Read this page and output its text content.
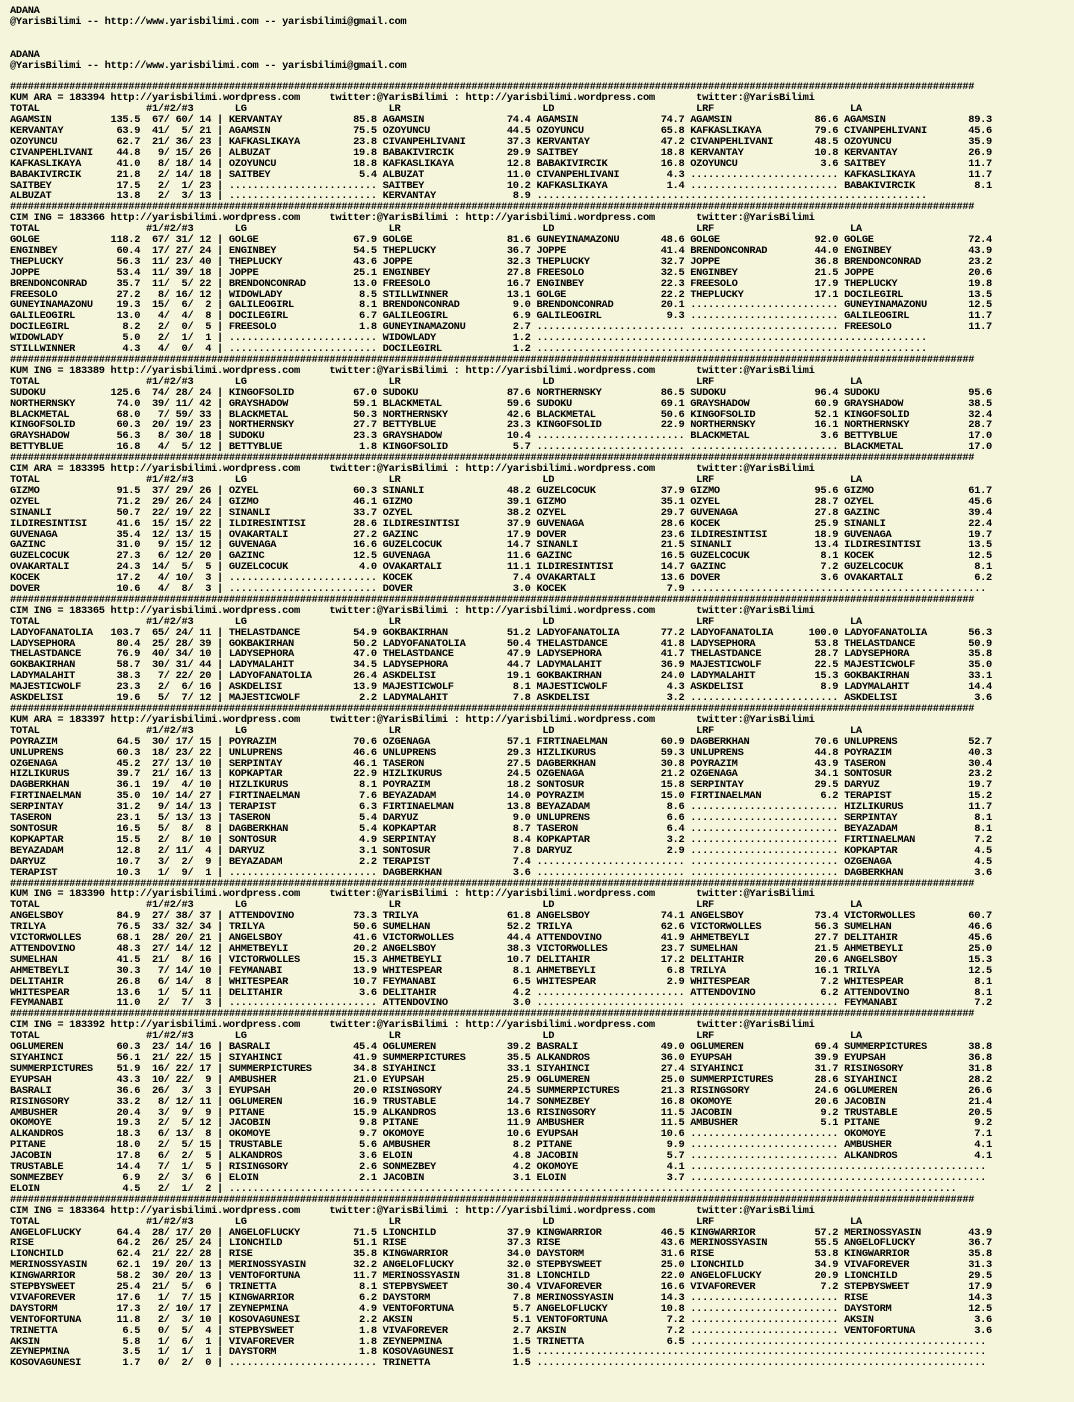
ADANA
@YarisBilimi -- http://www.yarisbilimi.com -- yarisbilimi@gmail.com

ADANA
@YarisBilimi -- http://www.yarisbilimi.com -- yarisbilimi@gmail.com

###################################################################################################################################################################
KUM ARA = 183394 http://yarisbilimi.wordpress.com     twitter:@YarisBilimi : http://yarisbilimi.wordpress.com       twitter:@YarisBilimi
TOTAL                  #1/#2/#3       LG                        LR                        LD                        LRF                       LA
AGAMSIN          135.5  67/ 60/ 14 | KERVANTAY            85.8 AGAMSIN              74.4 AGAMSIN              74.7 AGAMSIN              86.6 AGAMSIN              89.3
KERVANTAY         63.9  41/  5/ 21 | AGAMSIN              75.5 OZOYUNCU             44.5 OZOYUNCU             65.8 KAFKASLIKAYA         79.6 CIVANPEHLIVANI       45.6
OZOYUNCU          62.7  21/ 36/ 23 | KAFKASLIKAYA         23.8 CIVANPEHLIVANI       37.3 KERVANTAY            47.2 CIVANPEHLIVANI       48.5 OZOYUNCU             35.9
CIVANPEHLIVANI    44.8   9/ 15/ 26 | ALBUZAT              19.8 BABAKIVIRCIK         29.9 SAITBEY              18.8 KERVANTAY            10.8 KERVANTAY            26.9
KAFKASLIKAYA      41.0   8/ 18/ 14 | OZOYUNCU             18.8 KAFKASLIKAYA         12.8 BABAKIVIRCIK         16.8 OZOYUNCU              3.6 SAITBEY              11.7
BABAKIVIRCIK      21.8   2/ 14/ 18 | SAITBEY               5.4 ALBUZAT              11.0 CIVANPEHLIVANI        4.3 ......................... KAFKASLIKAYA         11.7
SAITBEY           17.5   2/  1/ 23 | ......................... SAITBEY              10.2 KAFKASLIKAYA          1.4 ......................... BABAKIVIRCIK          8.1
ALBUZAT           13.8   2/  3/ 13 | ......................... KERVANTAY             8.9 ..................................................................
###################################################################################################################################################################
CIM ING = 183366 http://yarisbilimi.wordpress.com     twitter:@YarisBilimi : http://yarisbilimi.wordpress.com       twitter:@YarisBilimi
TOTAL                  #1/#2/#3       LG                        LR                        LD                        LRF                       LA
GOLGE            118.2  67/ 31/ 12 | GOLGE                67.9 GOLGE                81.6 GUNEYINAMAZONU       48.6 GOLGE                92.0 GOLGE                72.4
ENGINBEY          60.4  17/ 27/ 24 | ENGINBEY             54.5 THEPLUCKY            36.7 JOPPE                41.4 BRENDONCONRAD        44.0 ENGINBEY             43.9
THEPLUCKY         56.3  11/ 23/ 40 | THEPLUCKY            43.6 JOPPE                32.3 THEPLUCKY            32.7 JOPPE                36.8 BRENDONCONRAD        23.2
JOPPE             53.4  11/ 39/ 18 | JOPPE                25.1 ENGINBEY             27.8 FREESOLO             32.5 ENGINBEY             21.5 JOPPE                20.6
BRENDONCONRAD     35.7  11/  5/ 22 | BRENDONCONRAD        13.0 FREESOLO             16.7 ENGINBEY             22.3 FREESOLO             17.9 THEPLUCKY            19.8
FREESOLO          27.2   8/ 16/ 12 | WIDOWLADY             8.5 STILLWINNER          13.1 GOLGE                22.2 THEPLUCKY            17.1 DOCILEGIRL           13.5
GUNEYINAMAZONU    19.3  15/  6/  2 | GALILEOGIRL           8.1 BRENDONCONRAD         9.0 BRENDONCONRAD        20.1 ......................... GUNEYINAMAZONU       12.5
GALILEOGIRL       13.0   4/  4/  8 | DOCILEGIRL            6.7 GALILEOGIRL           6.9 GALILEOGIRL           9.3 ......................... GALILEOGIRL          11.7
DOCILEGIRL         8.2   2/  0/  5 | FREESOLO              1.8 GUNEYINAMAZONU        2.7 ......................... ......................... FREESOLO             11.7
WIDOWLADY          5.0   2/  1/  1 | ......................... WIDOWLADY             1.2 ..................................................................
STILLWINNER        4.3   4/  0/  4 | ......................... DOCILEGIRL            1.2 ..................................................................
###################################################################################################################################################################
KUM ING = 183389 http://yarisbilimi.wordpress.com     twitter:@YarisBilimi : http://yarisbilimi.wordpress.com       twitter:@YarisBilimi
TOTAL                  #1/#2/#3       LG                        LR                        LD                        LRF                       LA
SUDOKU           125.6  74/ 28/ 24 | KINGOFSOLID          67.0 SUDOKU               87.6 NORTHERNSKY          86.5 SUDOKU               96.4 SUDOKU               95.6
NORTHERNSKY       74.0  39/ 11/ 42 | GRAYSHADOW           59.1 BLACKMETAL           59.6 SUDOKU               69.1 GRAYSHADOW           60.9 GRAYSHADOW           38.5
BLACKMETAL        68.0   7/ 59/ 33 | BLACKMETAL           50.3 NORTHERNSKY          42.6 BLACKMETAL           50.6 KINGOFSOLID          52.1 KINGOFSOLID          32.4
KINGOFSOLID       60.3  20/ 19/ 23 | NORTHERNSKY          27.7 BETTYBLUE            23.3 KINGOFSOLID          22.9 NORTHERNSKY          16.1 NORTHERNSKY          28.7
GRAYSHADOW        56.3   8/ 30/ 18 | SUDOKU               23.3 GRAYSHADOW           10.4 ......................... BLACKMETAL            3.6 BETTYBLUE            17.0
BETTYBLUE         16.8   4/  5/ 12 | BETTYBLUE             1.8 KINGOFSOLID           5.7 ......................... ......................... BLACKMETAL           17.0
###################################################################################################################################################################
CIM ARA = 183395 http://yarisbilimi.wordpress.com     twitter:@YarisBilimi : http://yarisbilimi.wordpress.com       twitter:@YarisBilimi
TOTAL                  #1/#2/#3       LG                        LR                        LD                        LRF                       LA
GIZMO             91.5  37/ 29/ 26 | OZYEL                60.3 SINANLI              48.2 GUZELCOCUK           37.9 GIZMO                95.6 GIZMO                61.7
OZYEL             71.2  29/ 26/ 24 | GIZMO                46.1 GIZMO                39.1 GIZMO                35.1 OZYEL                28.7 OZYEL                45.6
SINANLI           50.7  22/ 19/ 22 | SINANLI              33.7 OZYEL                38.2 OZYEL                29.7 GUVENAGA             27.8 GAZINC               39.4
ILDIRESINTISI     41.6  15/ 15/ 22 | ILDIRESINTISI        28.6 ILDIRESINTISI        37.9 GUVENAGA             28.6 KOCEK                25.9 SINANLI              22.4
GUVENAGA          35.4  12/ 13/ 15 | OVAKARTALI           27.2 GAZINC               17.9 DOVER                23.6 ILDIRESINTISI        18.9 GUVENAGA             19.7
GAZINC            31.0   9/ 15/ 12 | GUVENAGA             16.6 GUZELCOCUK           14.7 SINANLI              21.5 SINANLI              13.4 ILDIRESINTISI        13.5
GUZELCOCUK        27.3   6/ 12/ 20 | GAZINC               12.5 GUVENAGA             11.6 GAZINC               16.5 GUZELCOCUK            8.1 KOCEK                12.5
OVAKARTALI        24.3  14/  5/  5 | GUZELCOCUK            4.0 OVAKARTALI           11.1 ILDIRESINTISI        14.7 GAZINC                7.2 GUZELCOCUK            8.1
KOCEK             17.2   4/ 10/  3 | ......................... KOCEK                 7.4 OVAKARTALI           13.6 DOVER                 3.6 OVAKARTALI            6.2
DOVER             10.6   4/  8/  3 | ......................... DOVER                 3.0 KOCEK                 7.9 ..................................................
###################################################################################################################################################################
CIM ING = 183365 http://yarisbilimi.wordpress.com     twitter:@YarisBilimi : http://yarisbilimi.wordpress.com       twitter:@YarisBilimi
TOTAL                  #1/#2/#3       LG                        LR                        LD                        LRF                       LA
LADYOFANATOLIA   103.7  65/ 24/ 11 | THELASTDANCE         54.9 GOKBAKIRHAN          51.2 LADYOFANATOLIA       77.2 LADYOFANATOLIA      100.0 LADYOFANATOLIA       56.3
LADYSEPHORA       80.4  25/ 28/ 39 | GOKBAKIRHAN          50.2 LADYOFANATOLIA       50.4 THELASTDANCE         41.8 LADYSEPHORA          53.8 THELASTDANCE         50.9
THELASTDANCE      76.9  40/ 34/ 10 | LADYSEPHORA          47.0 THELASTDANCE         47.9 LADYSEPHORA          41.7 THELASTDANCE         28.7 LADYSEPHORA          35.8
GOKBAKIRHAN       58.7  30/ 31/ 44 | LADYMALAHIT          34.5 LADYSEPHORA          44.7 LADYMALAHIT          36.9 MAJESTICWOLF         22.5 MAJESTICWOLF         35.0
LADYMALAHIT       38.3   7/ 22/ 20 | LADYOFANATOLIA       26.4 ASKDELISI            19.1 GOKBAKIRHAN          24.0 LADYMALAHIT          15.3 GOKBAKIRHAN          33.1
MAJESTICWOLF      23.3   2/  6/ 16 | ASKDELISI            13.9 MAJESTICWOLF          8.1 MAJESTICWOLF          4.3 ASKDELISI             8.9 LADYMALAHIT          14.4
ASKDELISI         19.6   5/  7/ 12 | MAJESTICWOLF          2.2 LADYMALAHIT           7.8 ASKDELISI             3.2 ......................... ASKDELISI             3.6
###################################################################################################################################################################
KUM ARA = 183397 http://yarisbilimi.wordpress.com     twitter:@YarisBilimi : http://yarisbilimi.wordpress.com       twitter:@YarisBilimi
TOTAL                  #1/#2/#3       LG                        LR                        LD                        LRF                       LA
POYRAZIM          64.5  30/ 17/ 15 | POYRAZIM             70.6 OZGENAGA             57.1 FIRTINAELMAN         60.9 DAGBERKHAN           70.6 UNLUPRENS            52.7
UNLUPRENS         60.3  18/ 23/ 22 | UNLUPRENS            46.6 UNLUPRENS            29.3 HIZLIKURUS           59.3 UNLUPRENS            44.8 POYRAZIM             40.3
OZGENAGA          45.2  27/ 13/ 10 | SERPINTAY            46.1 TASERON              27.5 DAGBERKHAN           30.8 POYRAZIM             43.9 TASERON              30.4
HIZLIKURUS        39.7  21/ 16/ 13 | KOPKAPTAR            22.9 HIZLIKURUS           24.5 OZGENAGA             21.2 OZGENAGA             34.1 SONTOSUR             23.2
DAGBERKHAN        36.1  19/  4/ 10 | HIZLIKURUS            8.1 POYRAZIM             18.2 SONTOSUR             15.8 SERPINTAY            29.5 DARYUZ               19.7
FIRTINAELMAN      35.0  10/ 14/ 27 | FIRTINAELMAN          7.6 BEYAZADAM            14.0 POYRAZIM             15.0 FIRTINAELMAN          6.2 TERAPIST             15.2
SERPINTAY         31.2   9/ 14/ 13 | TERAPIST              6.3 FIRTINAELMAN         13.8 BEYAZADAM             8.6 ......................... HIZLIKURUS           11.7
TASERON           23.1   5/ 13/ 13 | TASERON               5.4 DARYUZ                9.0 UNLUPRENS             6.6 ......................... SERPINTAY             8.1
SONTOSUR          16.5   5/  8/  8 | DAGBERKHAN            5.4 KOPKAPTAR             8.7 TASERON               6.4 ......................... BEYAZADAM             8.1
KOPKAPTAR         15.5   2/  8/ 10 | SONTOSUR              4.9 SERPINTAY             8.4 KOPKAPTAR             3.2 ......................... FIRTINAELMAN          7.2
BEYAZADAM         12.8   2/ 11/  4 | DARYUZ                3.1 SONTOSUR              7.8 DARYUZ                2.9 ......................... KOPKAPTAR             4.5
DARYUZ            10.7   3/  2/  9 | BEYAZADAM             2.2 TERAPIST              7.4 ......................... ......................... OZGENAGA              4.5
TERAPIST          10.3   1/  9/  1 | ......................... DAGBERKHAN            3.6 ......................... ......................... DAGBERKHAN            3.6
###################################################################################################################################################################
KUM ING = 183390 http://yarisbilimi.wordpress.com     twitter:@YarisBilimi : http://yarisbilimi.wordpress.com       twitter:@YarisBilimi
TOTAL                  #1/#2/#3       LG                        LR                        LD                        LRF                       LA
ANGELSBOY         84.9  27/ 38/ 37 | ATTENDOVINO          73.3 TRILYA               61.8 ANGELSBOY            74.1 ANGELSBOY            73.4 VICTORWOLLES         60.7
TRILYA            76.5  33/ 32/ 34 | TRILYA               50.6 SUMELHAN             52.2 TRILYA               62.6 VICTORWOLLES         56.3 SUMELHAN             46.6
VICTORWOLLES      68.1  28/ 20/ 21 | ANGELSBOY            41.6 VICTORWOLLES         44.4 ATTENDOVINO          41.9 AHMETBEYLI           27.7 DELITAHIR            45.6
ATTENDOVINO       48.3  27/ 14/ 12 | AHMETBEYLI           20.2 ANGELSBOY            38.3 VICTORWOLLES         23.7 SUMELHAN             21.5 AHMETBEYLI           25.0
SUMELHAN          41.5  21/  8/ 16 | VICTORWOLLES         15.3 AHMETBEYLI           10.7 DELITAHIR            17.2 DELITAHIR            20.6 ANGELSBOY            15.3
AHMETBEYLI        30.3   7/ 14/ 10 | FEYMANABI            13.9 WHITESPEAR            8.1 AHMETBEYLI            6.8 TRILYA               16.1 TRILYA               12.5
DELITAHIR         26.8   6/ 14/  8 | WHITESPEAR           10.7 FEYMANABI             6.5 WHITESPEAR            2.9 WHITESPEAR            7.2 WHITESPEAR            8.1
WHITESPEAR        13.6   1/  5/ 11 | DELITAHIR             3.6 DELITAHIR             4.2 ......................... ATTENDOVINO           6.2 ATTENDOVINO           8.1
FEYMANABI         11.0   2/  7/  3 | ......................... ATTENDOVINO           3.0 ......................... ......................... FEYMANABI             7.2
###################################################################################################################################################################
CIM ING = 183392 http://yarisbilimi.wordpress.com     twitter:@YarisBilimi : http://yarisbilimi.wordpress.com       twitter:@YarisBilimi
TOTAL                  #1/#2/#3       LG                        LR                        LD                        LRF                       LA
OGLUMEREN         60.3  23/ 14/ 16 | BASRALI              45.4 OGLUMEREN            39.2 BASRALI              49.0 OGLUMEREN            69.4 SUMMERPICTURES       38.8
SIYAHINCI         56.1  21/ 22/ 15 | SIYAHINCI            41.9 SUMMERPICTURES       35.5 ALKANDROS            36.0 EYUPSAH              39.9 EYUPSAH              36.8
SUMMERPICTURES    51.9  16/ 22/ 17 | SUMMERPICTURES       34.8 SIYAHINCI            33.1 SIYAHINCI            27.4 SIYAHINCI            31.7 RISINGSORY           31.8
EYUPSAH           43.3  10/ 22/  9 | AMBUSHER             21.0 EYUPSAH              25.9 OGLUMEREN            25.0 SUMMERPICTURES       28.6 SIYAHINCI            28.2
BASRALI           36.6  26/  3/  3 | EYUPSAH              20.0 RISINGSORY           24.5 SUMMERPICTURES       21.3 RISINGSORY           24.6 OGLUMEREN            26.6
RISINGSORY        33.2   8/ 12/ 11 | OGLUMEREN            16.9 TRUSTABLE            14.7 SONMEZBEY            16.8 OKOMOYE              20.6 JACOBIN              21.4
AMBUSHER          20.4   3/  9/  9 | PITANE               15.9 ALKANDROS            13.6 RISINGSORY           11.5 JACOBIN               9.2 TRUSTABLE            20.5
OKOMOYE           19.3   2/  5/ 12 | JACOBIN               9.8 PITANE               11.9 AMBUSHER             11.5 AMBUSHER              5.1 PITANE                9.2
ALKANDROS         18.3   6/ 13/  8 | OKOMOYE               9.7 OKOMOYE              10.6 EYUPSAH              10.6 ......................... OKOMOYE               7.1
PITANE            18.0   2/  5/ 15 | TRUSTABLE             5.6 AMBUSHER              8.2 PITANE                9.9 ......................... AMBUSHER              4.1
JACOBIN           17.8   6/  2/  5 | ALKANDROS             3.6 ELOIN                 4.8 JACOBIN               5.7 ......................... ALKANDROS             4.1
TRUSTABLE         14.4   7/  1/  5 | RISINGSORY            2.6 SONMEZBEY             4.2 OKOMOYE               4.1 ..................................................
SONMEZBEY          6.9   2/  3/  6 | ELOIN                 2.1 JACOBIN               3.1 ELOIN                 3.7 ..................................................
ELOIN              4.5   2/  1/  2 | ...........................................................................................................................
###################################################################################################################################################################
CIM ING = 183364 http://yarisbilimi.wordpress.com     twitter:@YarisBilimi : http://yarisbilimi.wordpress.com       twitter:@YarisBilimi
TOTAL                  #1/#2/#3       LG                        LR                        LD                        LRF                       LA
ANGELOFLUCKY      64.4  28/ 17/ 20 | ANGELOFLUCKY         71.5 LIONCHILD            37.9 KINGWARRIOR          46.5 KINGWARRIOR          57.2 MERINOSSYASIN        43.9
RISE              64.2  26/ 25/ 24 | LIONCHILD            51.1 RISE                 37.3 RISE                 43.6 MERINOSSYASIN        55.5 ANGELOFLUCKY         36.7
LIONCHILD         62.4  21/ 22/ 28 | RISE                 35.8 KINGWARRIOR          34.0 DAYSTORM             31.6 RISE                 53.8 KINGWARRIOR          35.8
MERINOSSYASIN     62.1  19/ 20/ 13 | MERINOSSYASIN        32.2 ANGELOFLUCKY         32.0 STEPBYSWEET          25.0 LIONCHILD            34.9 VIVAFOREVER          31.3
KINGWARRIOR       58.2  30/ 20/ 13 | VENTOFORTUNA         11.7 MERINOSSYASIN        31.8 LIONCHILD            22.0 ANGELOFLUCKY         20.9 LIONCHILD            29.5
STEPBYSWEET       25.4  21/  5/  6 | TRINETTA              8.1 STEPBYSWEET          30.4 VIVAFOREVER          16.6 VIVAFOREVER           7.2 STEPBYSWEET          17.9
VIVAFOREVER       17.6   1/  7/ 15 | KINGWARRIOR           6.2 DAYSTORM              7.8 MERINOSSYASIN        14.3 ......................... RISE                 14.3
DAYSTORM          17.3   2/ 10/ 17 | ZEYNEPMINA            4.9 VENTOFORTUNA          5.7 ANGELOFLUCKY         10.8 ......................... DAYSTORM             12.5
VENTOFORTUNA      11.8   2/  3/ 10 | KOSOVAGUNESI          2.2 AKSIN                 5.1 VENTOFORTUNA          7.2 ......................... AKSIN                 3.6
TRINETTA           6.5   0/  5/  4 | STEPBYSWEET           1.8 VIVAFOREVER           2.7 AKSIN                 7.2 ......................... VENTOFORTUNA          3.6
AKSIN              5.8   1/  6/  1 | VIVAFOREVER           1.8 ZEYNEPMINA            1.5 TRINETTA              6.5 ..................................................
ZEYNEPMINA         3.5   1/  1/  1 | DAYSTORM              1.8 KOSOVAGUNESI          1.5 ............................................................................
KOSOVAGUNESI       1.7   0/  2/  0 | ......................... TRINETTA              1.5 ............................................................................
